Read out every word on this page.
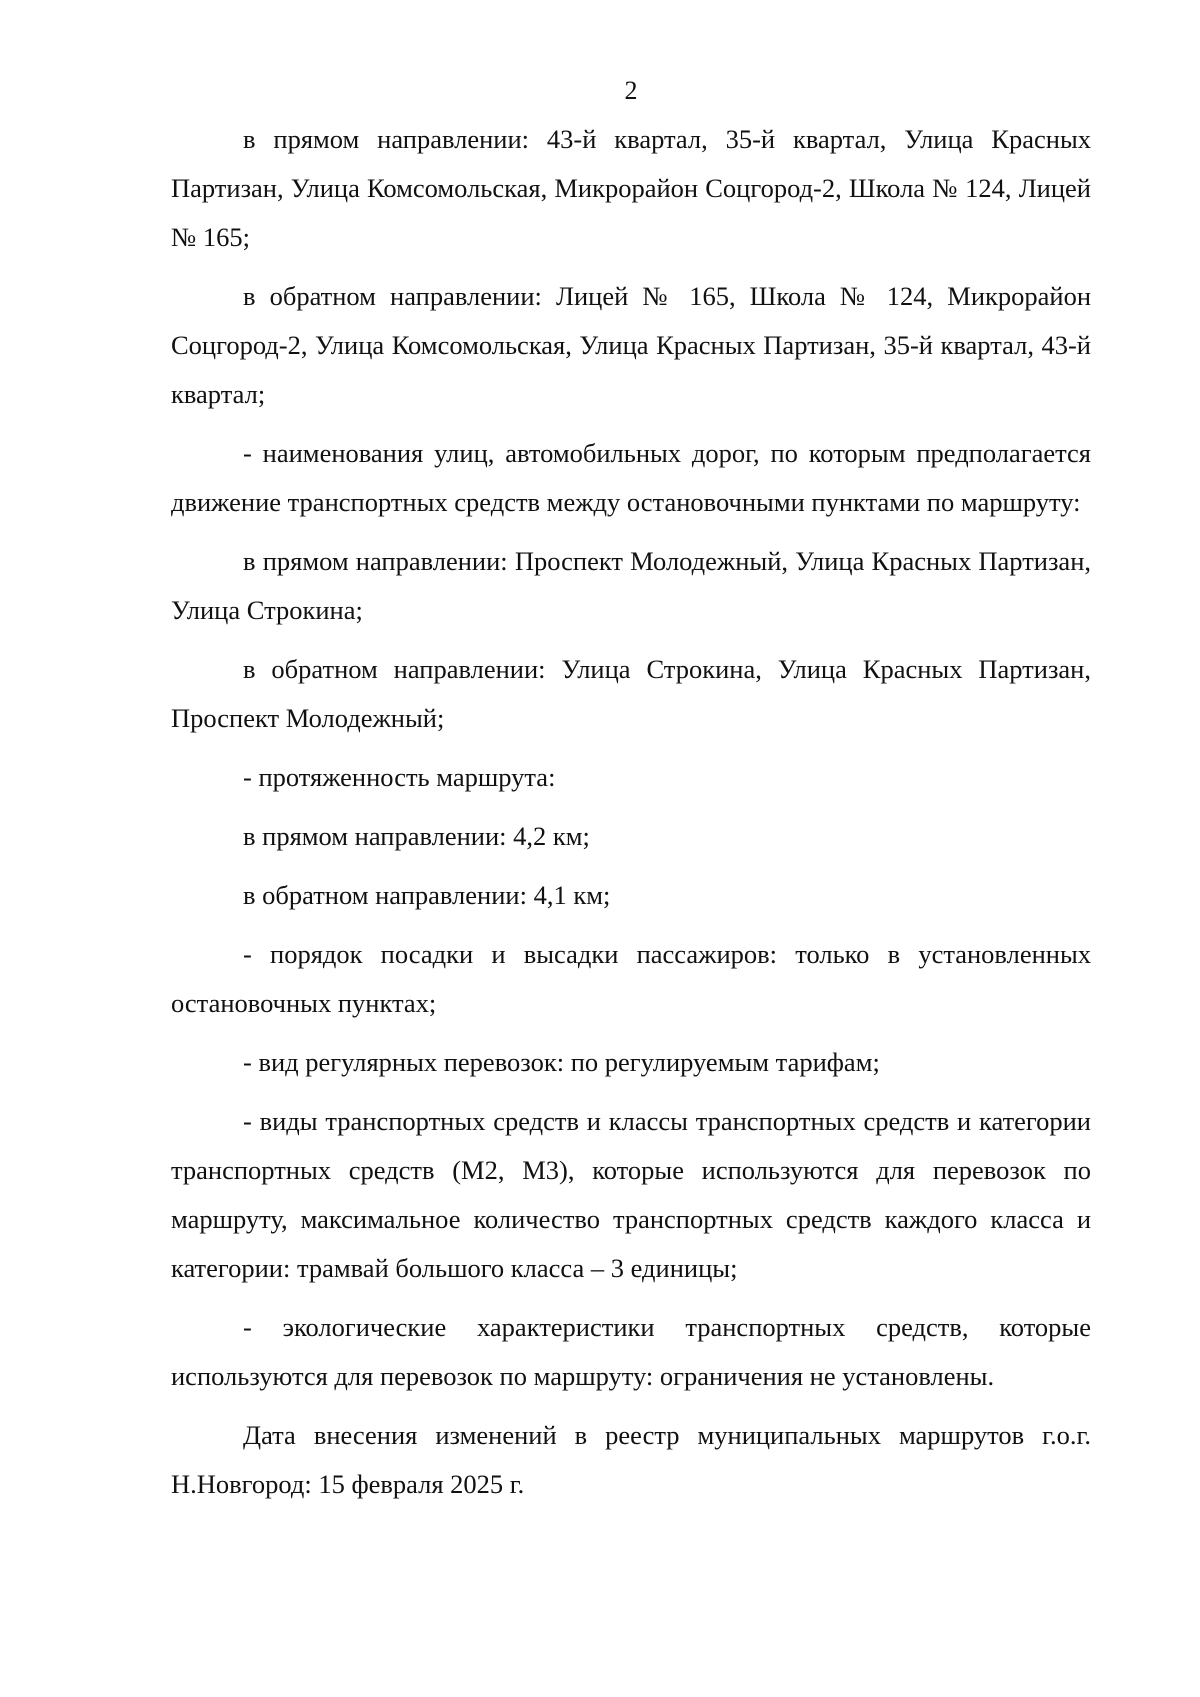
2

в прямом направлении: 43-й квартал, 35-й квартал, Улица Красных Партизан, Улица Комсомольская, Микрорайон Соцгород-2, Школа № 124, Лицей № 165;

в обратном направлении: Лицей № 165, Школа № 124, Микрорайон Соцгород-2, Улица Комсомольская, Улица Красных Партизан, 35-й квартал, 43-й квартал;

- наименования улиц, автомобильных дорог, по которым предполагается движение транспортных средств между остановочными пунктами по маршруту:

в прямом направлении: Проспект Молодежный, Улица Красных Партизан, Улица Строкина;

в обратном направлении: Улица Строкина, Улица Красных Партизан, Проспект Молодежный;

- протяженность маршрута:

в прямом направлении: 4,2 км;

в обратном направлении: 4,1 км;

- порядок посадки и высадки пассажиров: только в установленных остановочных пунктах;

- вид регулярных перевозок: по регулируемым тарифам;

- виды транспортных средств и классы транспортных средств и категории транспортных средств (М2, М3), которые используются для перевозок по маршруту, максимальное количество транспортных средств каждого класса и категории: трамвай большого класса – 3 единицы;

- экологические характеристики транспортных средств, которые используются для перевозок по маршруту: ограничения не установлены.

Дата внесения изменений в реестр муниципальных маршрутов г.о.г. Н.Новгород: 15 февраля 2025 г.
